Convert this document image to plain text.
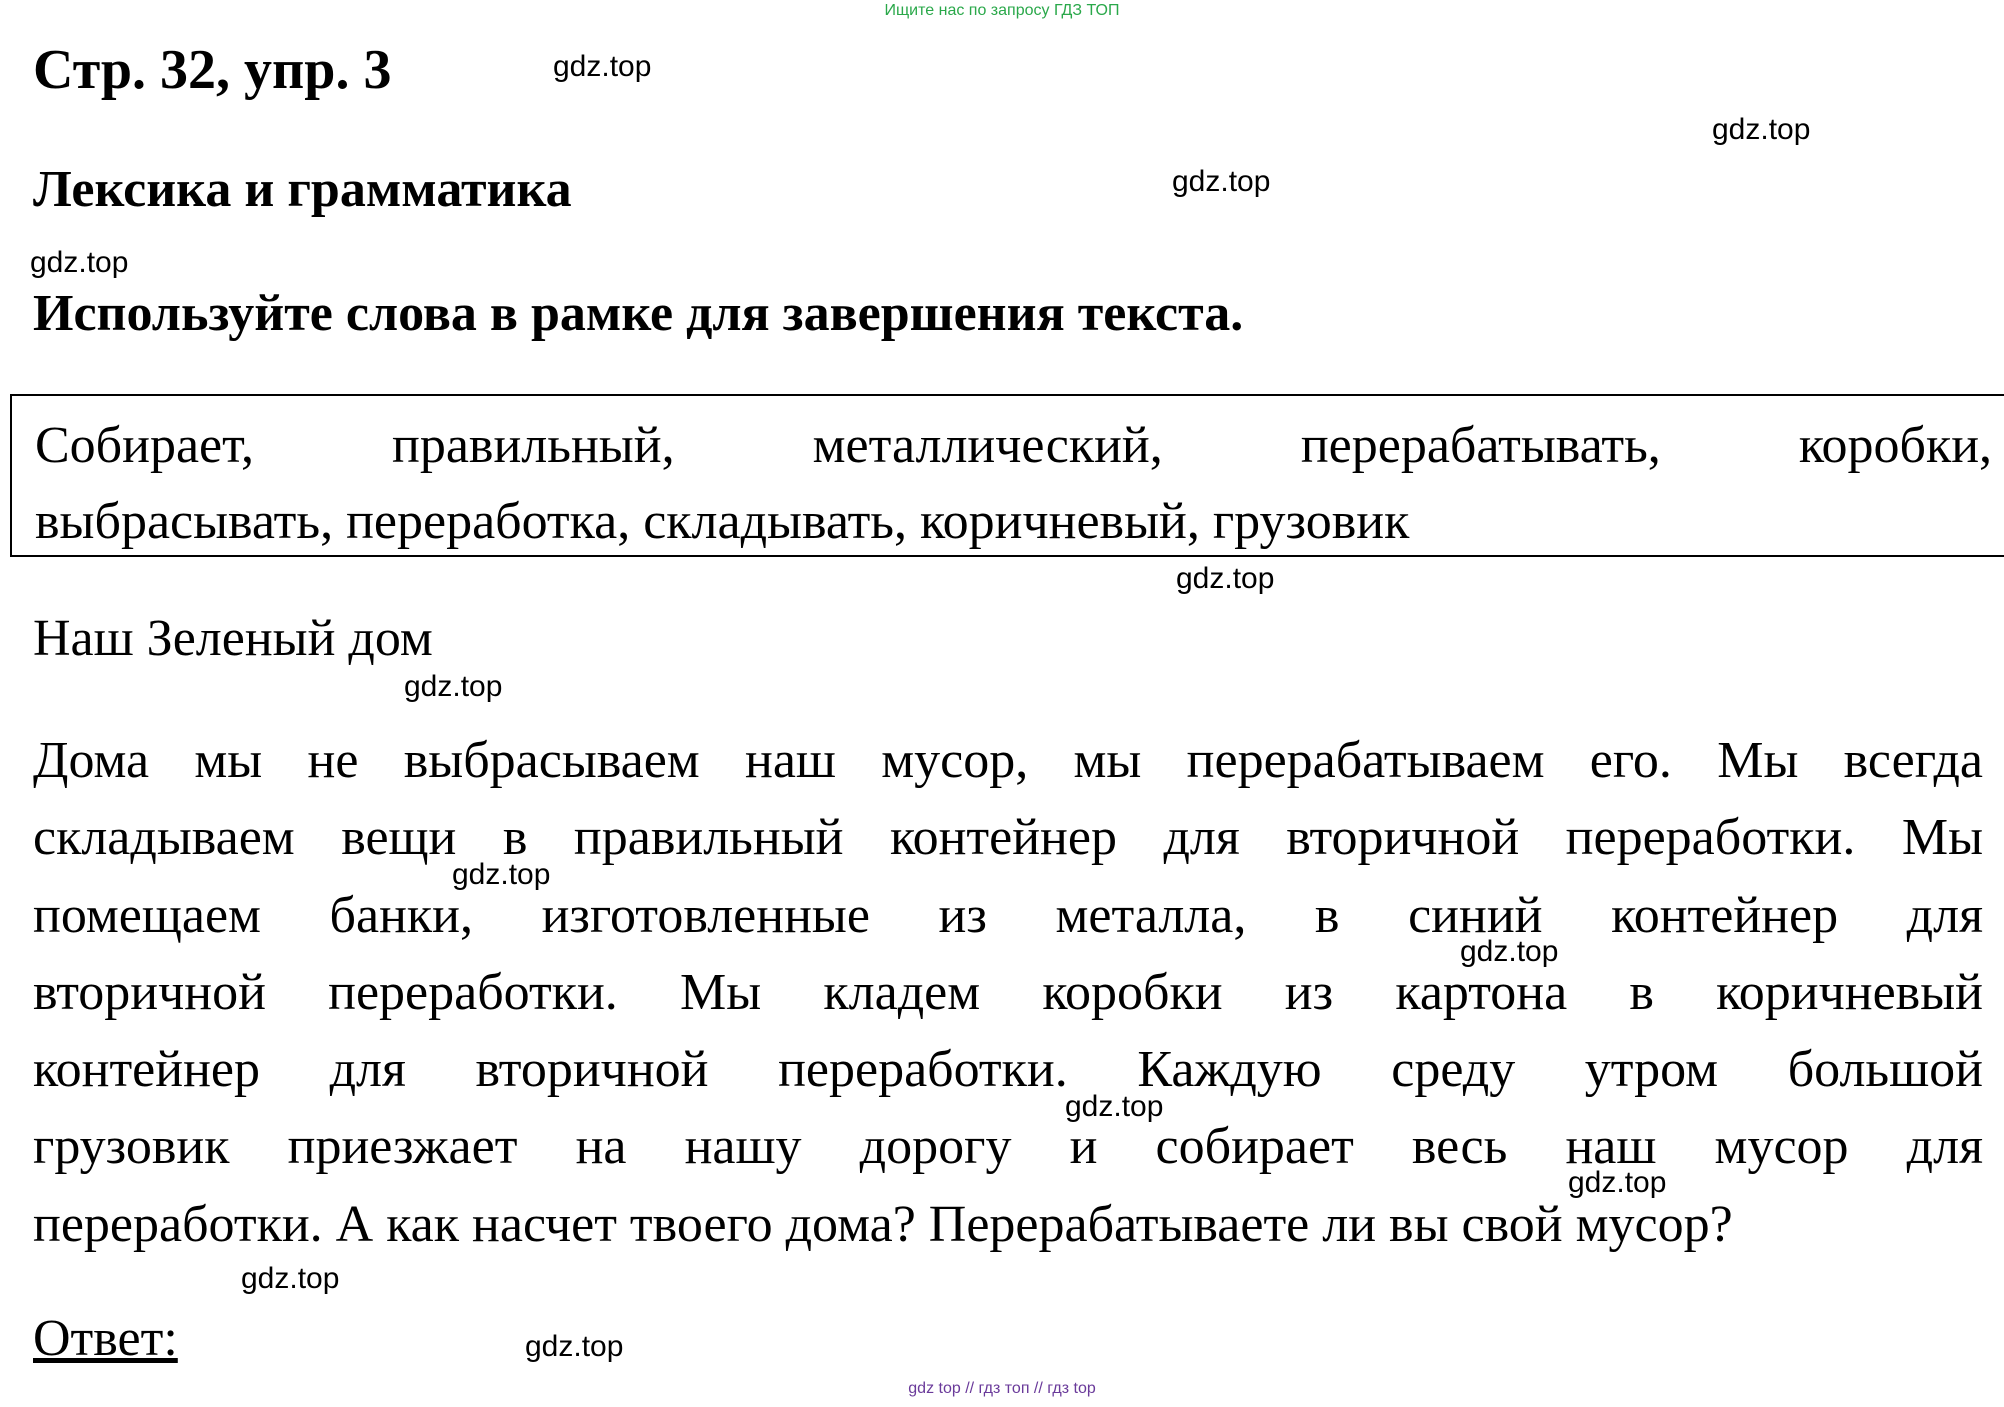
Ищите нас по запросу ГДЗ ТОП
Стр. 32, упр. 3
Лексика и грамматика
Используйте слова в рамке для завершения текста.
Собирает,	правильный,	металлический,	перерабатывать,	коробки,
выбрасывать, переработка, складывать, коричневый, грузовик
Наш Зеленый дом
Дома мы не выбрасываем наш мусор, мы перерабатываем его. Мы всегда
складываем вещи в правильный контейнер для вторичной переработки. Мы
помещаем банки, изготовленные из металла, в синий контейнер для
вторичной переработки. Мы кладем коробки из картона в коричневый
контейнер для вторичной переработки. Каждую среду утром большой
грузовик приезжает на нашу дорогу и собирает весь наш мусор для
переработки. А как насчет твоего дома? Перерабатываете ли вы свой мусор?
Ответ:
gdz.top
gdz.top
gdz.top
gdz.top
gdz.top
gdz.top
gdz.top
gdz.top
gdz.top
gdz.top
gdz.top
gdz.top
gdz top // гдз топ // гдз top
